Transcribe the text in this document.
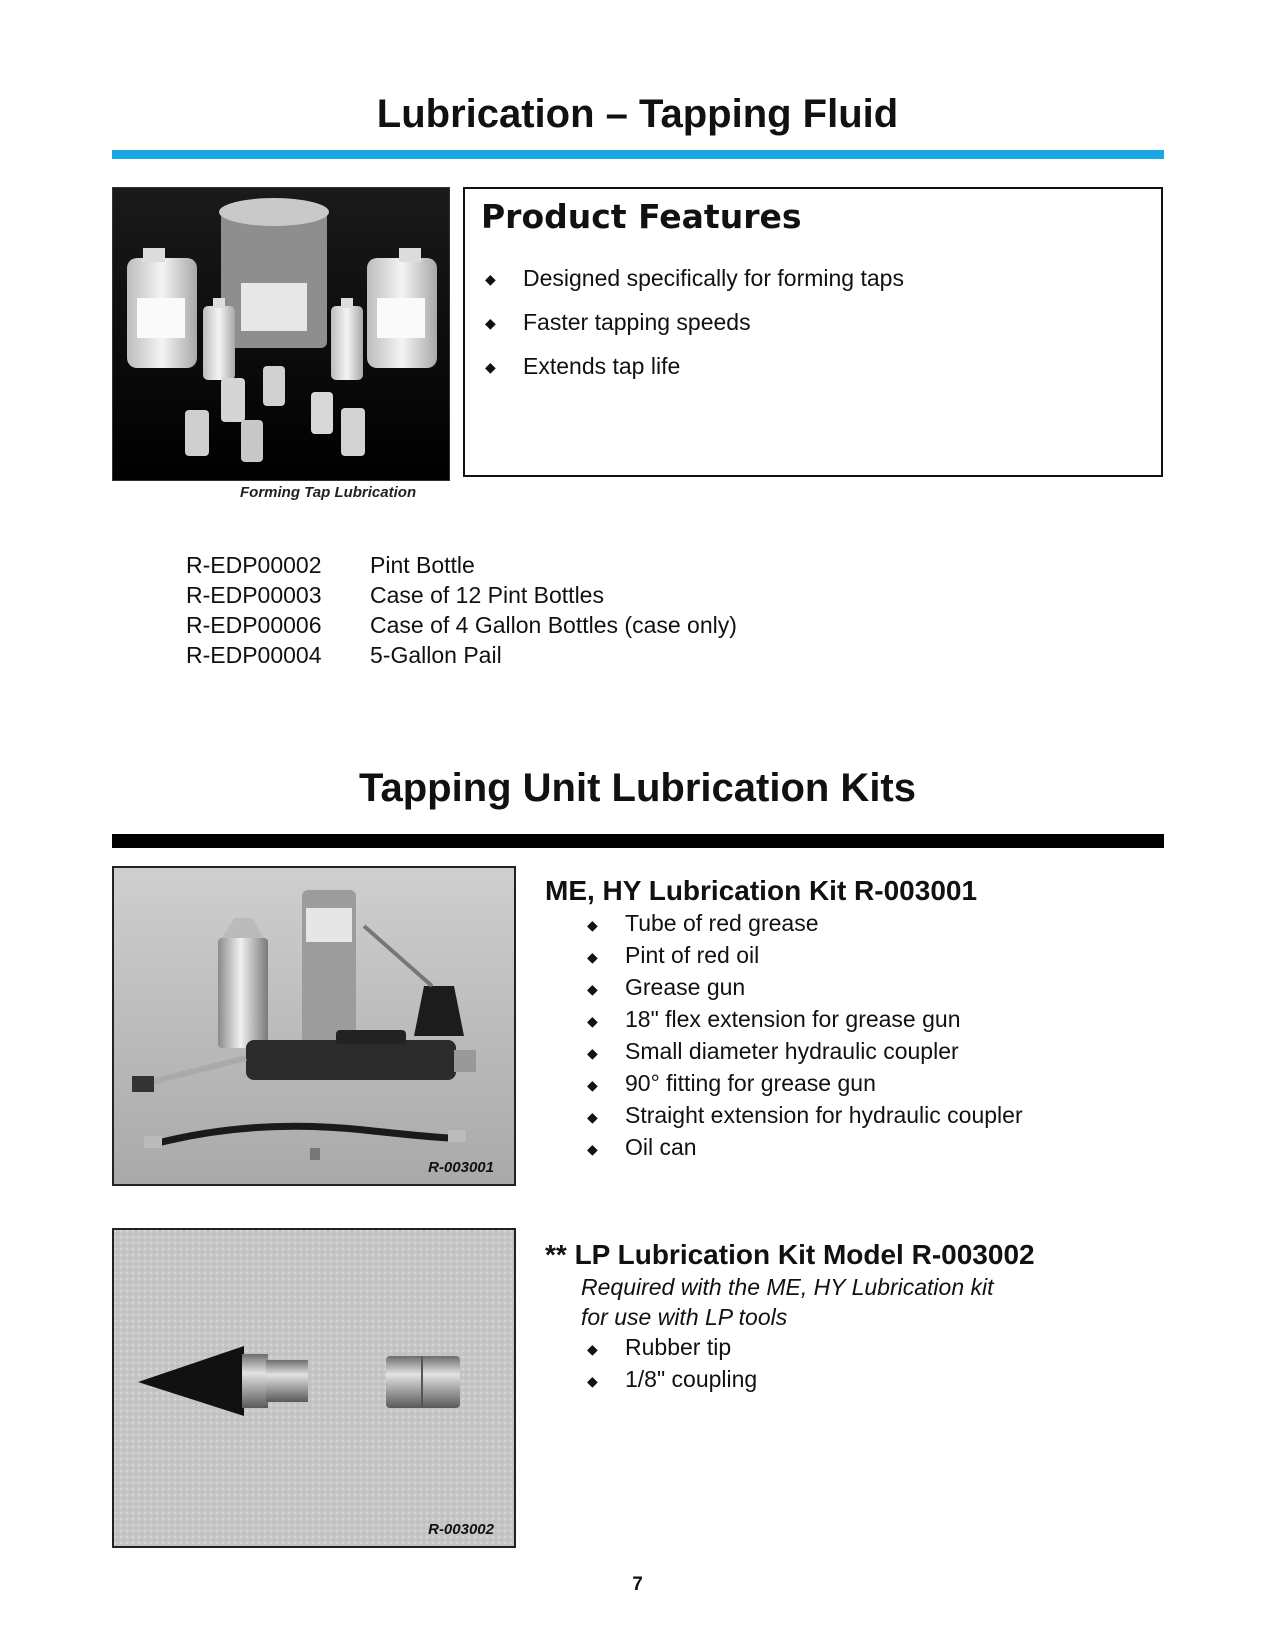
Lubrication – Tapping Fluid
Forming Tap Lubrication
Product Features
◆	Designed specifically for forming taps
◆	Faster tapping speeds
◆	Extends tap life
R-EDP00002	Pint Bottle
R-EDP00003	Case of 12 Pint Bottles
R-EDP00006	Case of 4 Gallon Bottles (case only)
R-EDP00004	5-Gallon Pail
Tapping Unit Lubrication Kits
R-003001
ME, HY Lubrication Kit R-003001
◆	Tube of red grease
◆	Pint of red oil
◆	Grease gun
◆	18" flex extension for grease gun
◆	Small diameter hydraulic coupler
◆	90° fitting for grease gun
◆	Straight extension for hydraulic coupler
◆	Oil can
R-003002
** LP Lubrication Kit Model R-003002
Required with the ME, HY Lubrication kit
for use with LP tools
◆	Rubber tip
◆	1/8" coupling
7
